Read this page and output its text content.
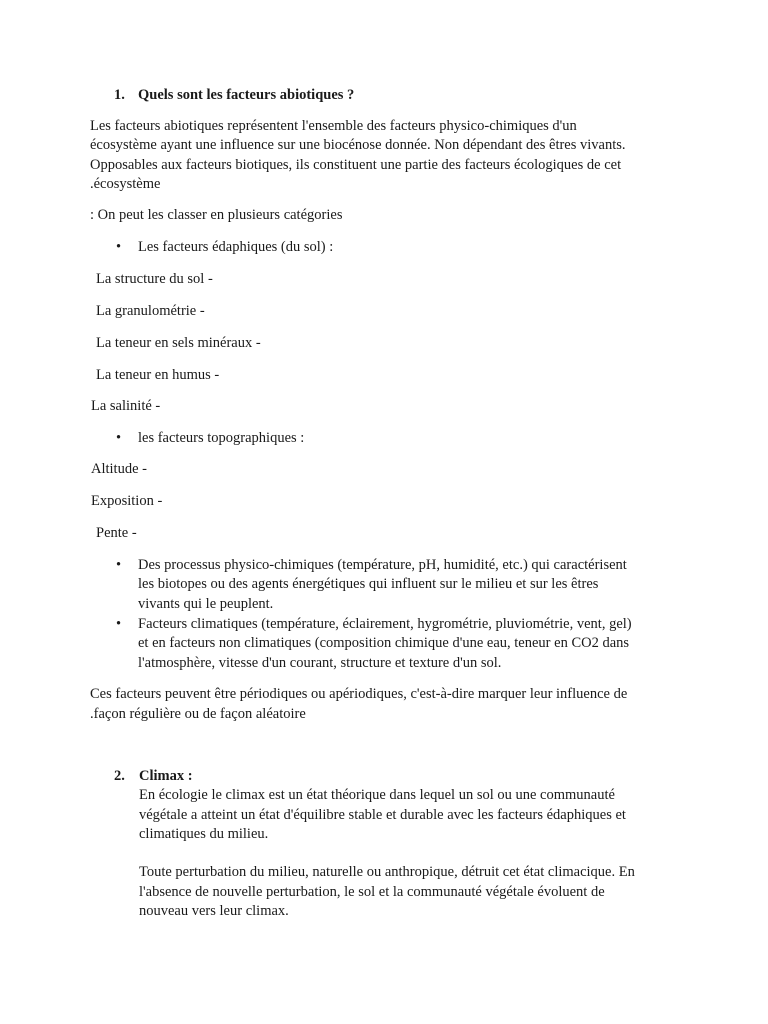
1. Quels sont les facteurs abiotiques ?
Les facteurs abiotiques représentent l'ensemble des facteurs physico-chimiques d'un
écosystème ayant une influence sur une biocénose donnée. Non dépendant des êtres vivants.
Opposables aux facteurs biotiques, ils constituent une partie des facteurs écologiques de cet
.écosystème
: On peut les classer en plusieurs catégories
• Les facteurs édaphiques (du sol) :
La structure du sol -
La granulométrie -
La teneur en sels minéraux -
La teneur en humus -
La salinité -
• les facteurs topographiques :
Altitude -
Exposition -
Pente -
• Des processus physico-chimiques (température, pH, humidité, etc.) qui caractérisent
les biotopes ou des agents énergétiques qui influent sur le milieu et sur les êtres
vivants qui le peuplent.
• Facteurs climatiques (température, éclairement, hygrométrie, pluviométrie, vent, gel)
et en facteurs non climatiques (composition chimique d'une eau, teneur en CO2 dans
l'atmosphère, vitesse d'un courant, structure et texture d'un sol.
Ces facteurs peuvent être périodiques ou apériodiques, c'est-à-dire marquer leur influence de
.façon régulière ou de façon aléatoire
2. Climax :
En écologie le climax est un état théorique dans lequel un sol ou une communauté
végétale a atteint un état d'équilibre stable et durable avec les facteurs édaphiques et
climatiques du milieu.
Toute perturbation du milieu, naturelle ou anthropique, détruit cet état climacique. En
l'absence de nouvelle perturbation, le sol et la communauté végétale évoluent de
nouveau vers leur climax.
